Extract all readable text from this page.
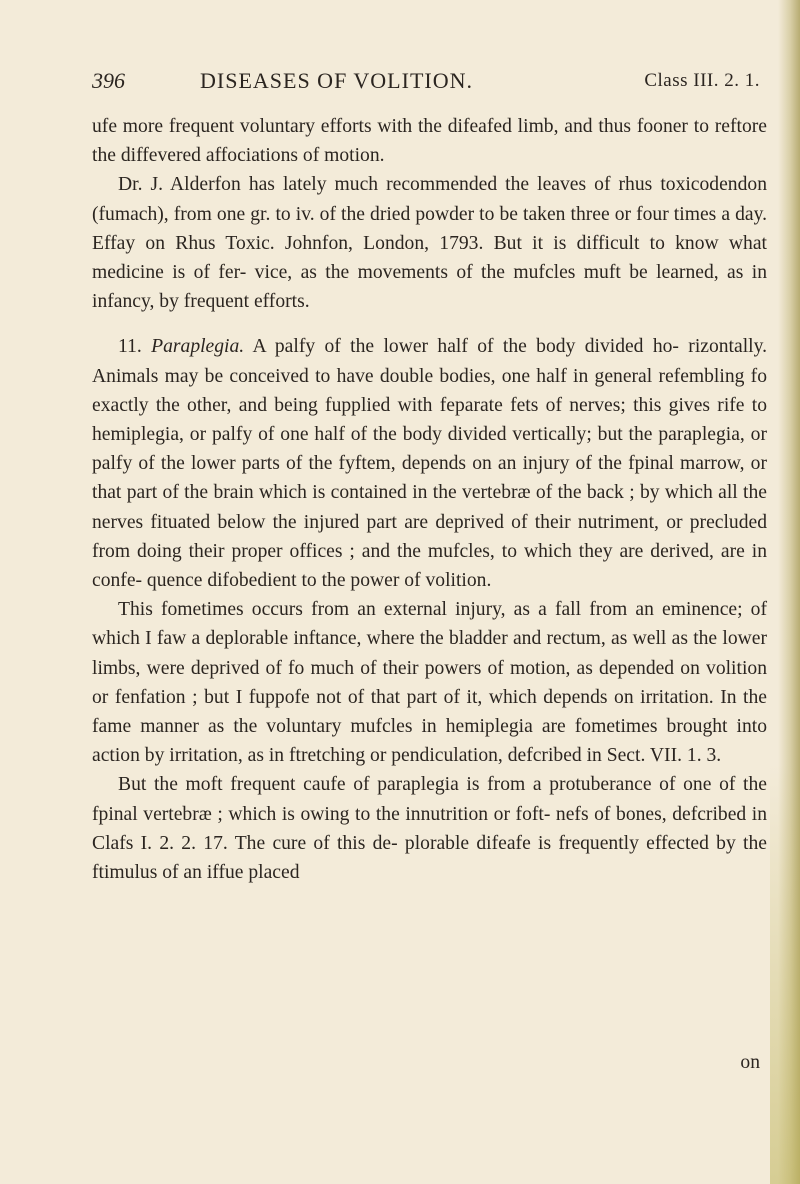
396	DISEASES OF VOLITION.	Class III. 2. 1.

ufe more frequent voluntary efforts with the difeafed limb, and thus fooner to reftore the diffevered affociations of motion.

Dr. J. Alderfon has lately much recommended the leaves of rhus toxicodendon (fumach), from one gr. to iv. of the dried powder to be taken three or four times a day. Effay on Rhus Toxic. Johnfon, London, 1793. But it is difficult to know what medicine is of fer- vice, as the movements of the mufcles muft be learned, as in infancy, by frequent efforts.

11. Paraplegia. A palfy of the lower half of the body divided ho- rizontally. Animals may be conceived to have double bodies, one half in general refembling fo exactly the other, and being fupplied with feparate fets of nerves; this gives rife to hemiplegia, or palfy of one half of the body divided vertically; but the paraplegia, or palfy of the lower parts of the fyftem, depends on an injury of the fpinal marrow, or that part of the brain which is contained in the vertebræ of the back ; by which all the nerves fituated below the injured part are deprived of their nutriment, or precluded from doing their proper offices ; and the mufcles, to which they are derived, are in confe- quence difobedient to the power of volition.

This fometimes occurs from an external injury, as a fall from an eminence; of which I faw a deplorable inftance, where the bladder and rectum, as well as the lower limbs, were deprived of fo much of their powers of motion, as depended on volition or fenfation ; but I fuppofe not of that part of it, which depends on irritation. In the fame manner as the voluntary mufcles in hemiplegia are fometimes brought into action by irritation, as in ftretching or pendiculation, defcribed in Sect. VII. 1. 3.

But the moft frequent caufe of paraplegia is from a protuberance of one of the fpinal vertebræ ; which is owing to the innutrition or foft- nefs of bones, defcribed in Clafs I. 2. 2. 17. The cure of this de- plorable difeafe is frequently effected by the ftimulus of an iffue placed

on
